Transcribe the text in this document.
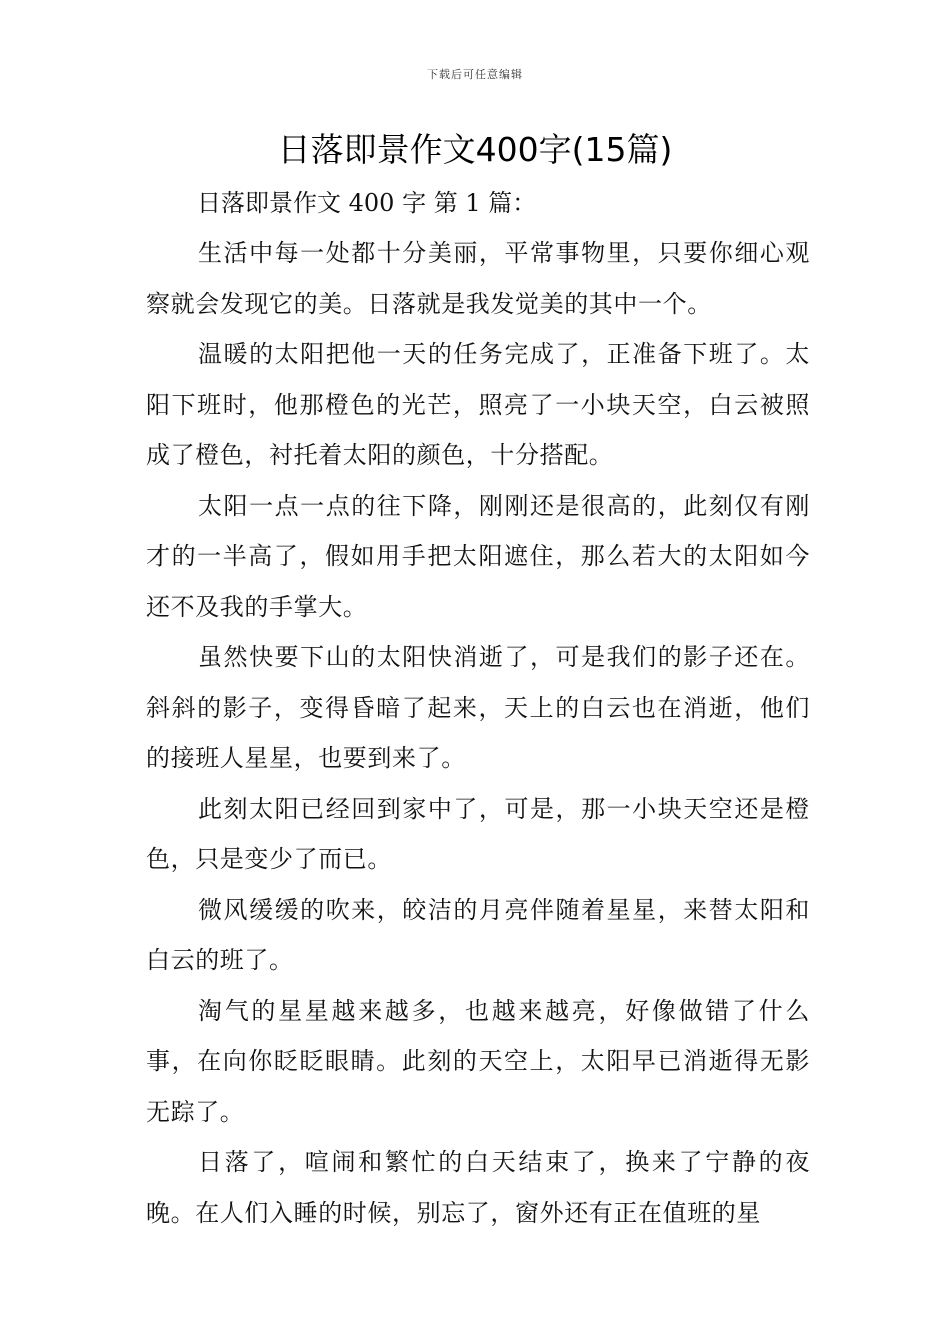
下载后可任意编辑
日落即景作文400字(15篇)

日落即景作文 400 字 第 1 篇：

生活中每一处都十分美丽，平常事物里，只要你细心观察就会发现它的美。日落就是我发觉美的其中一个。

温暖的太阳把他一天的任务完成了，正准备下班了。太阳下班时，他那橙色的光芒，照亮了一小块天空，白云被照成了橙色，衬托着太阳的颜色，十分搭配。

太阳一点一点的往下降，刚刚还是很高的，此刻仅有刚才的一半高了，假如用手把太阳遮住，那么若大的太阳如今还不及我的手掌大。

虽然快要下山的太阳快消逝了，可是我们的影子还在。斜斜的影子，变得昏暗了起来，天上的白云也在消逝，他们的接班人星星，也要到来了。

此刻太阳已经回到家中了，可是，那一小块天空还是橙色，只是变少了而已。

微风缓缓的吹来，皎洁的月亮伴随着星星，来替太阳和白云的班了。

淘气的星星越来越多，也越来越亮，好像做错了什么事，在向你眨眨眼睛。此刻的天空上，太阳早已消逝得无影无踪了。

日落了，喧闹和繁忙的白天结束了，换来了宁静的夜晚。在人们入睡的时候，别忘了，窗外还有正在值班的星
